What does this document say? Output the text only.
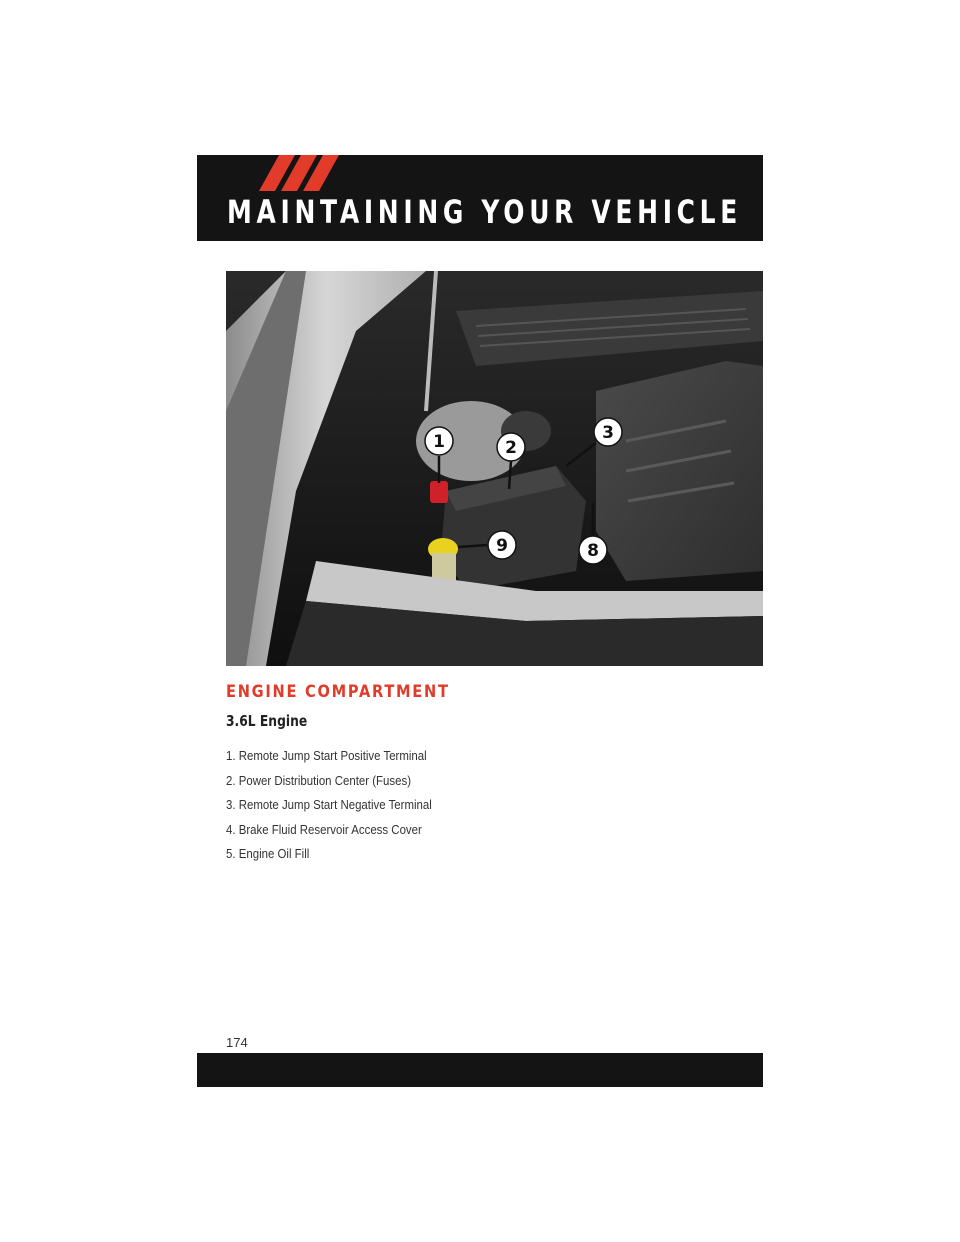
MAINTAINING YOUR VEHICLE
1	2
3
9	8
ENGINE COMPARTMENT
3.6L Engine
1. Remote Jump Start Positive Terminal
2. Power Distribution Center (Fuses)
3. Remote Jump Start Negative Terminal
4. Brake Fluid Reservoir Access Cover
5. Engine Oil Fill
174
